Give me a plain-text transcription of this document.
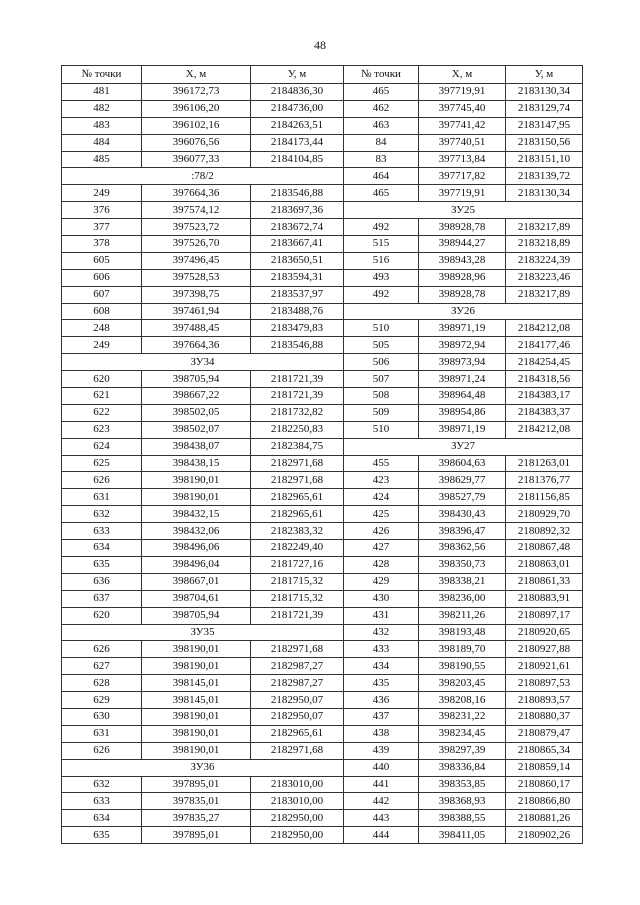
48
№ точки	Х, м	У, м	№ точки	Х, м	У, м
481	396172,73	2184836,30	465	397719,91	2183130,34
482	396106,20	2184736,00	462	397745,40	2183129,74
483	396102,16	2184263,51	463	397741,42	2183147,95
484	396076,56	2184173,44	84	397740,51	2183150,56
485	396077,33	2184104,85	83	397713,84	2183151,10
:78/2			464	397717,82	2183139,72
249	397664,36	2183546,88	465	397719,91	2183130,34
376	397574,12	2183697,36	ЗУ25		
377	397523,72	2183672,74	492	398928,78	2183217,89
378	397526,70	2183667,41	515	398944,27	2183218,89
605	397496,45	2183650,51	516	398943,28	2183224,39
606	397528,53	2183594,31	493	398928,96	2183223,46
607	397398,75	2183537,97	492	398928,78	2183217,89
608	397461,94	2183488,76	ЗУ26		
248	397488,45	2183479,83	510	398971,19	2184212,08
249	397664,36	2183546,88	505	398972,94	2184177,46
ЗУ34			506	398973,94	2184254,45
620	398705,94	2181721,39	507	398971,24	2184318,56
621	398667,22	2181721,39	508	398964,48	2184383,17
622	398502,05	2181732,82	509	398954,86	2184383,37
623	398502,07	2182250,83	510	398971,19	2184212,08
624	398438,07	2182384,75	ЗУ27		
625	398438,15	2182971,68	455	398604,63	2181263,01
626	398190,01	2182971,68	423	398629,77	2181376,77
631	398190,01	2182965,61	424	398527,79	2181156,85
632	398432,15	2182965,61	425	398430,43	2180929,70
633	398432,06	2182383,32	426	398396,47	2180892,32
634	398496,06	2182249,40	427	398362,56	2180867,48
635	398496,04	2181727,16	428	398350,73	2180863,01
636	398667,01	2181715,32	429	398338,21	2180861,33
637	398704,61	2181715,32	430	398236,00	2180883,91
620	398705,94	2181721,39	431	398211,26	2180897,17
ЗУ35			432	398193,48	2180920,65
626	398190,01	2182971,68	433	398189,70	2180927,88
627	398190,01	2182987,27	434	398190,55	2180921,61
628	398145,01	2182987,27	435	398203,45	2180897,53
629	398145,01	2182950,07	436	398208,16	2180893,57
630	398190,01	2182950,07	437	398231,22	2180880,37
631	398190,01	2182965,61	438	398234,45	2180879,47
626	398190,01	2182971,68	439	398297,39	2180865,34
ЗУ36			440	398336,84	2180859,14
632	397895,01	2183010,00	441	398353,85	2180860,17
633	397835,01	2183010,00	442	398368,93	2180866,80
634	397835,27	2182950,00	443	398388,55	2180881,26
635	397895,01	2182950,00	444	398411,05	2180902,26
